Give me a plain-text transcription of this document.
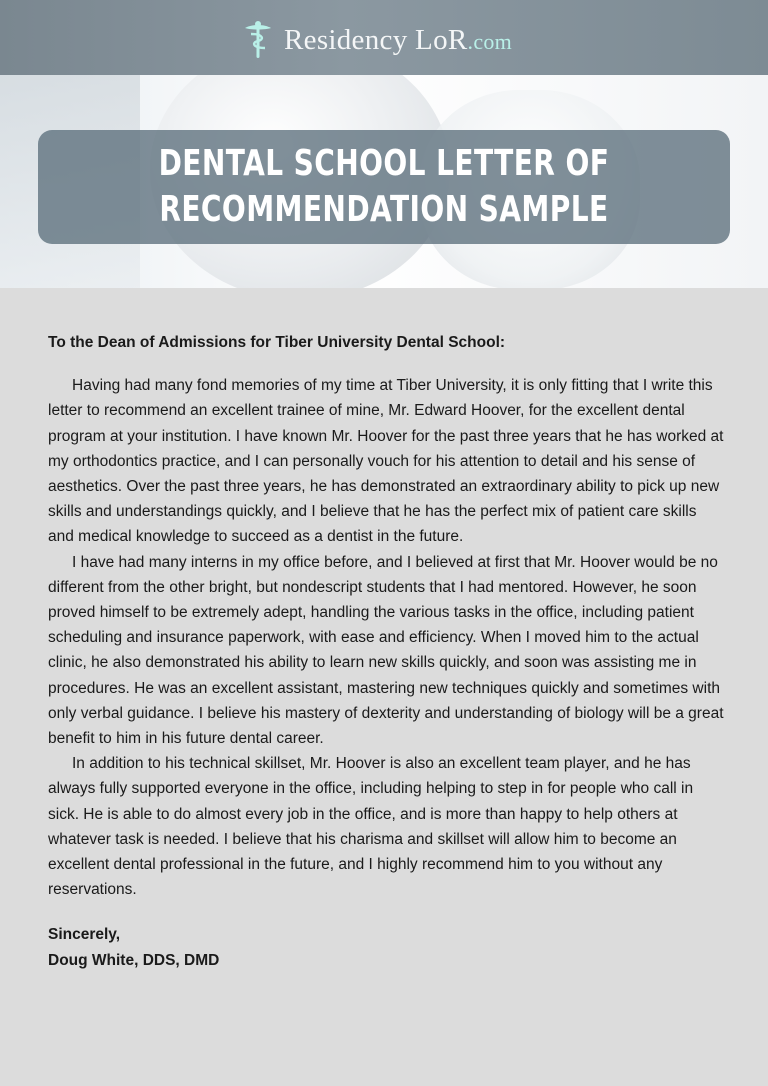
Residency LoR.com
DENTAL SCHOOL LETTER OF
RECOMMENDATION SAMPLE

To the Dean of Admissions for Tiber University Dental School:

Having had many fond memories of my time at Tiber University, it is only fitting that I write this letter to recommend an excellent trainee of mine, Mr. Edward Hoover, for the excellent dental program at your institution. I have known Mr. Hoover for the past three years that he has worked at my orthodontics practice, and I can personally vouch for his attention to detail and his sense of aesthetics. Over the past three years, he has demonstrated an extraordinary ability to pick up new skills and understandings quickly, and I believe that he has the perfect mix of patient care skills and medical knowledge to succeed as a dentist in the future.

I have had many interns in my office before, and I believed at first that Mr. Hoover would be no different from the other bright, but nondescript students that I had mentored. However, he soon proved himself to be extremely adept, handling the various tasks in the office, including patient scheduling and insurance paperwork, with ease and efficiency. When I moved him to the actual clinic, he also demonstrated his ability to learn new skills quickly, and soon was assisting me in procedures. He was an excellent assistant, mastering new techniques quickly and sometimes with only verbal guidance. I believe his mastery of dexterity and understanding of biology will be a great benefit to him in his future dental career.

In addition to his technical skillset, Mr. Hoover is also an excellent team player, and he has always fully supported everyone in the office, including helping to step in for people who call in sick. He is able to do almost every job in the office, and is more than happy to help others at whatever task is needed. I believe that his charisma and skillset will allow him to become an excellent dental professional in the future, and I highly recommend him to you without any reservations.

Sincerely,
Doug White, DDS, DMD
